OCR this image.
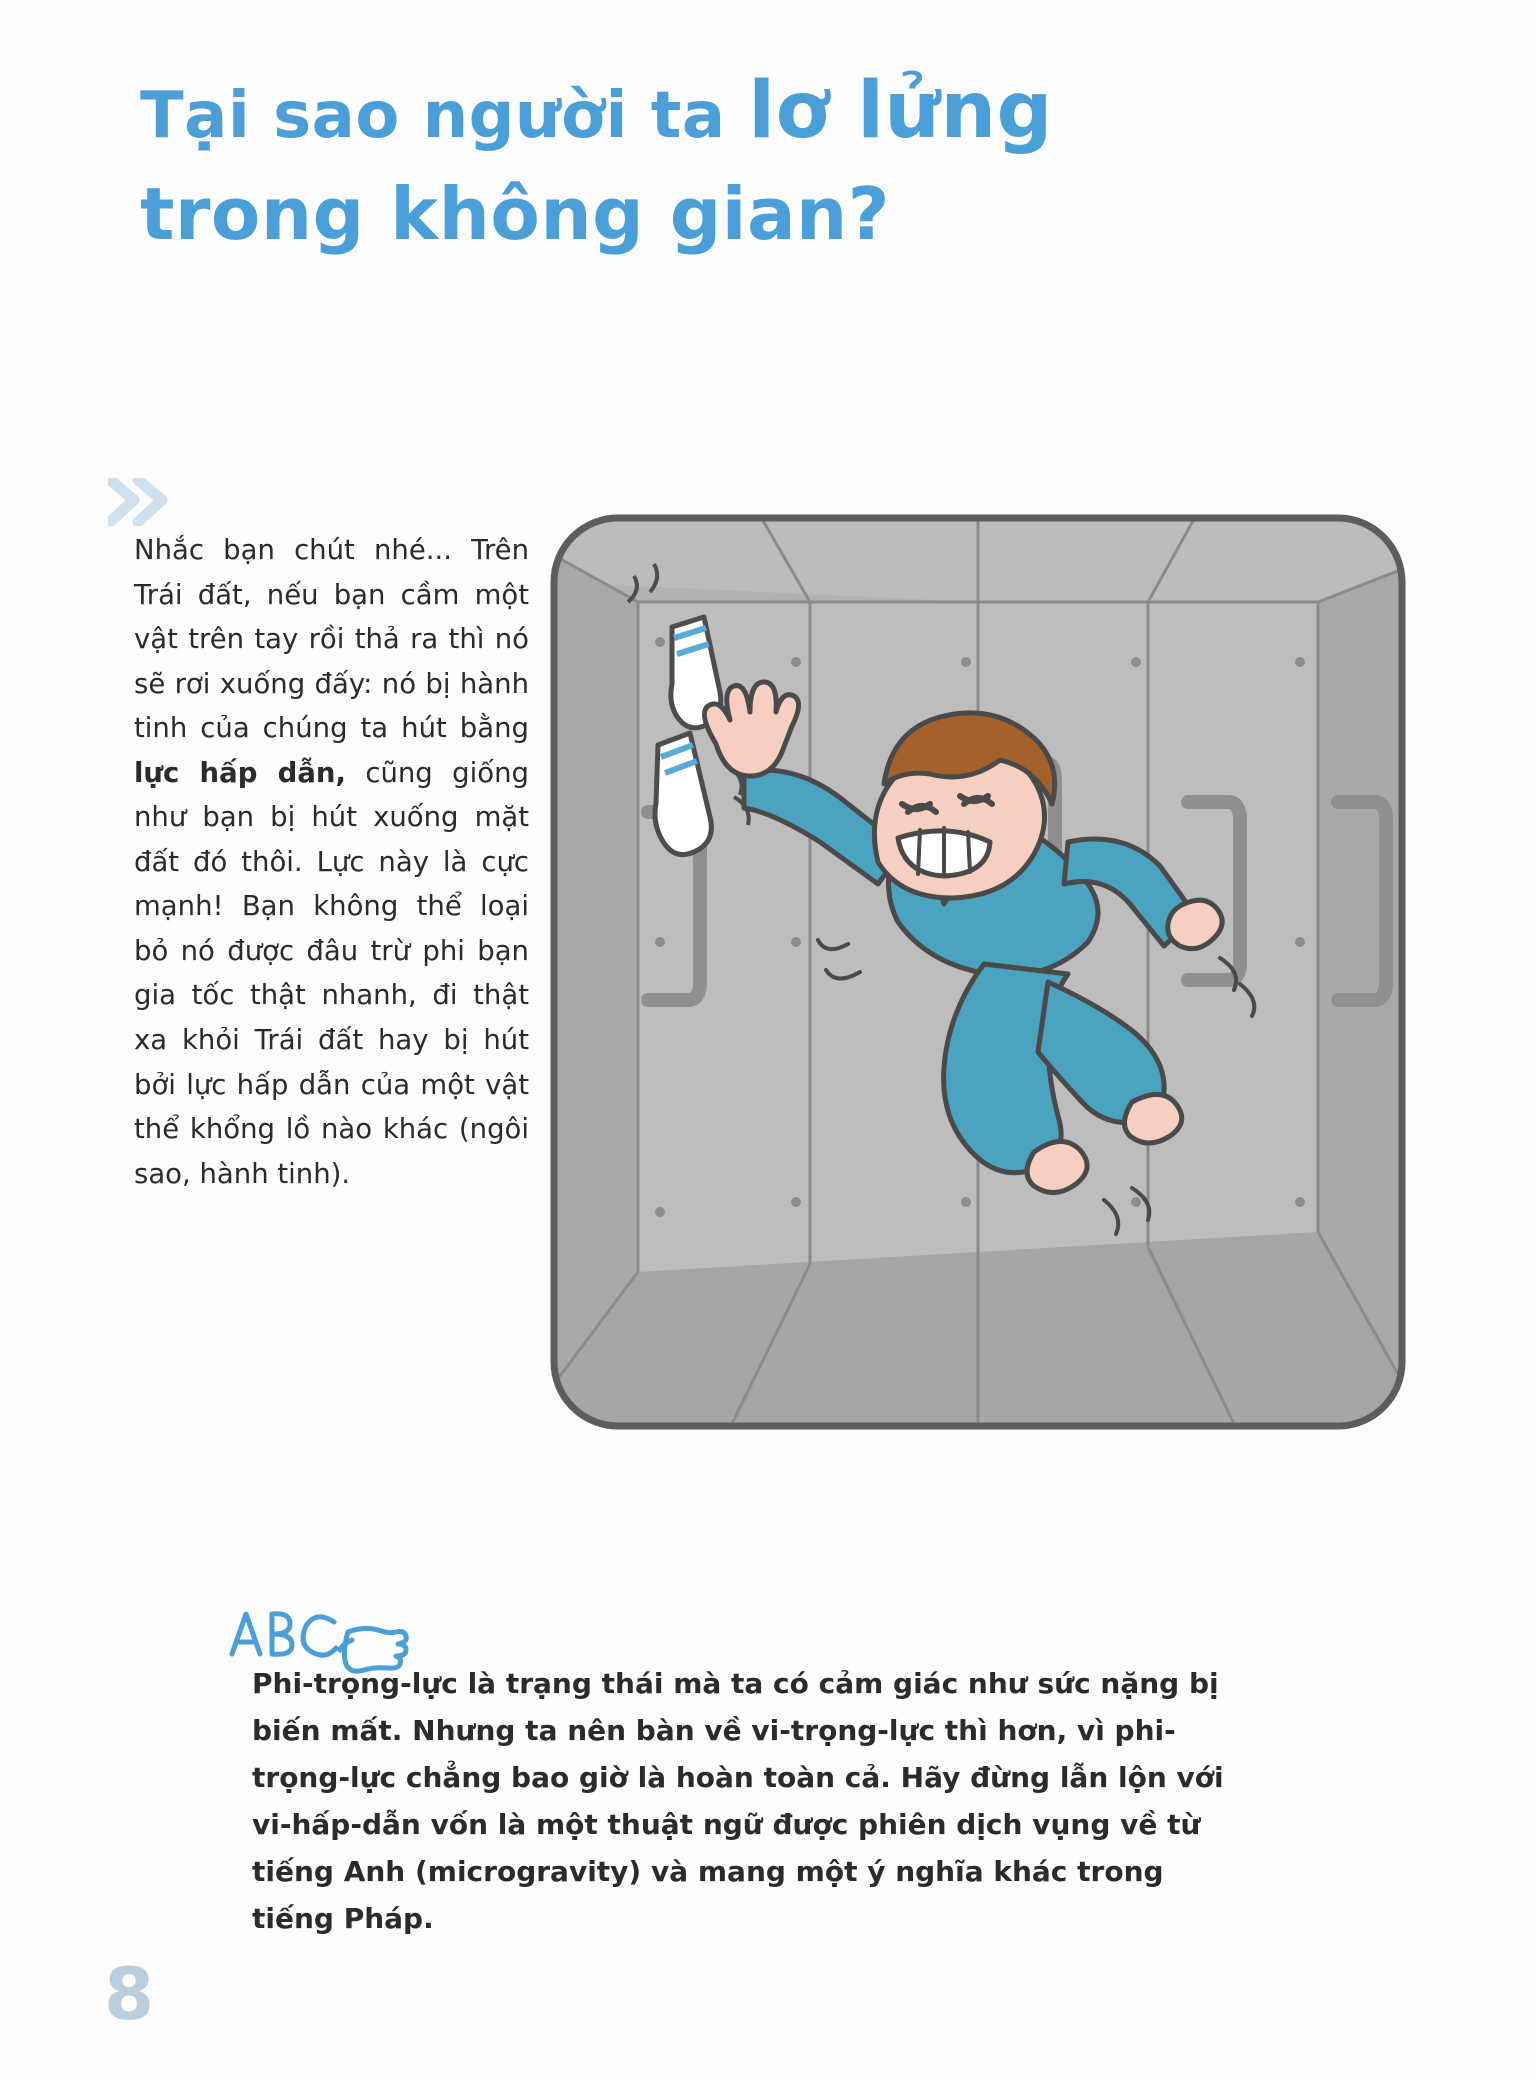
Tại sao người ta lơ lửng
trong không gian?
Nhắc bạn chút nhé... Trên Trái đất, nếu bạn cầm một vật trên tay rồi thả ra thì nó sẽ rơi xuống đấy: nó bị hành tinh của chúng ta hút bằng lực hấp dẫn, cũng giống như bạn bị hút xuống mặt đất đó thôi. Lực này là cực mạnh! Bạn không thể loại bỏ nó được đâu trừ phi bạn gia tốc thật nhanh, đi thật xa khỏi Trái đất hay bị hút bởi lực hấp dẫn của một vật thể khổng lồ nào khác (ngôi sao, hành tinh).
Phi-trọng-lực là trạng thái mà ta có cảm giác như sức nặng bị biến mất. Nhưng ta nên bàn về vi-trọng-lực thì hơn, vì phi-trọng-lực chẳng bao giờ là hoàn toàn cả. Hãy đừng lẫn lộn với vi-hấp-dẫn vốn là một thuật ngữ được phiên dịch vụng về từ tiếng Anh (microgravity) và mang một ý nghĩa khác trong tiếng Pháp.
8
